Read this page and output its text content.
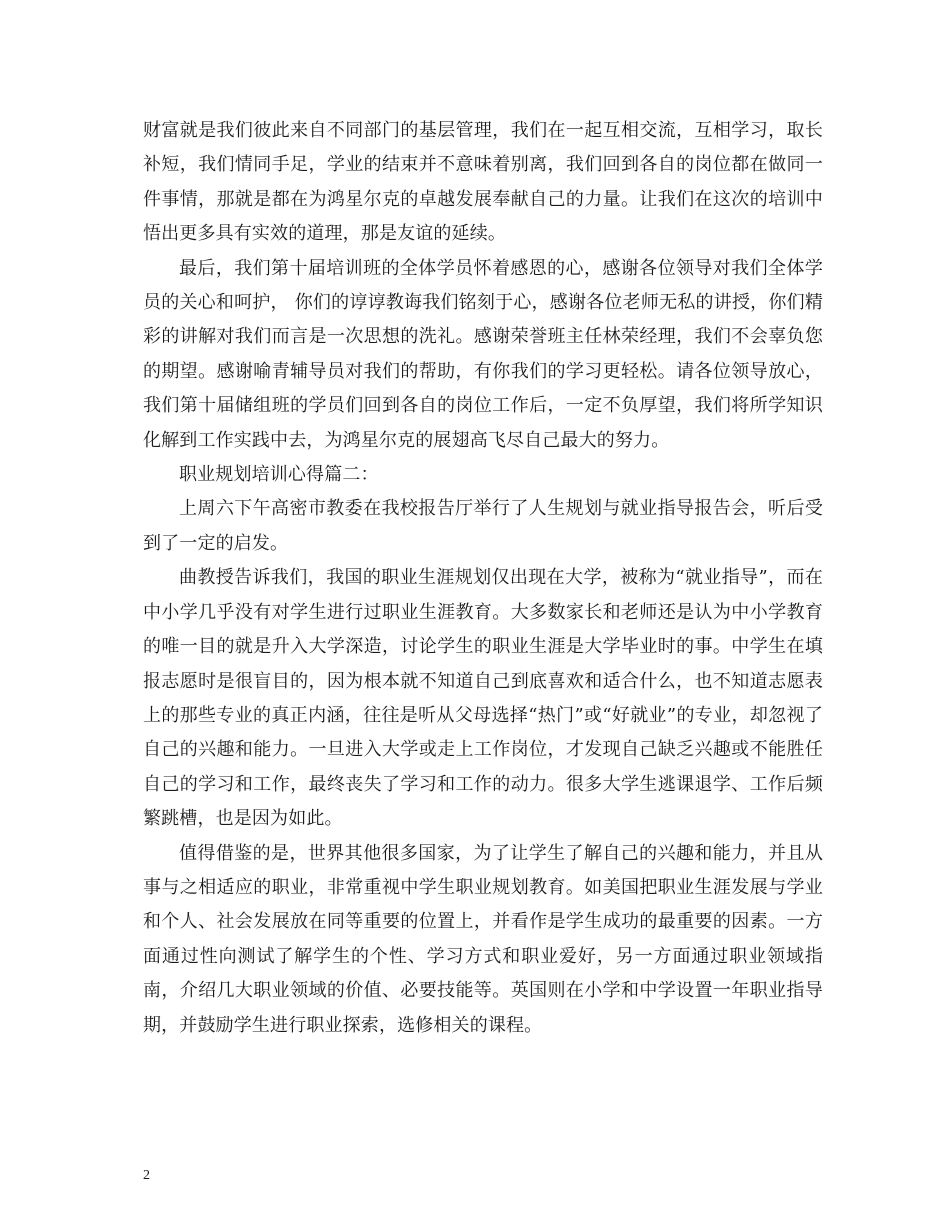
财富就是我们彼此来自不同部门的基层管理，我们在一起互相交流，互相学习，取长补短，我们情同手足，学业的结束并不意味着别离，我们回到各自的岗位都在做同一件事情，那就是都在为鸿星尔克的卓越发展奉献自己的力量。让我们在这次的培训中悟出更多具有实效的道理，那是友谊的延续。

最后，我们第十届培训班的全体学员怀着感恩的心，感谢各位领导对我们全体学员的关心和呵护， 你们的谆谆教诲我们铭刻于心，感谢各位老师无私的讲授，你们精彩的讲解对我们而言是一次思想的洗礼。感谢荣誉班主任林荣经理，我们不会辜负您的期望。感谢喻青辅导员对我们的帮助，有你我们的学习更轻松。请各位领导放心，我们第十届储组班的学员们回到各自的岗位工作后，一定不负厚望，我们将所学知识化解到工作实践中去，为鸿星尔克的展翅高飞尽自己最大的努力。

职业规划培训心得篇二：

上周六下午高密市教委在我校报告厅举行了人生规划与就业指导报告会，听后受到了一定的启发。

曲教授告诉我们，我国的职业生涯规划仅出现在大学，被称为“就业指导”，而在中小学几乎没有对学生进行过职业生涯教育。大多数家长和老师还是认为中小学教育的唯一目的就是升入大学深造，讨论学生的职业生涯是大学毕业时的事。中学生在填报志愿时是很盲目的，因为根本就不知道自己到底喜欢和适合什么，也不知道志愿表上的那些专业的真正内涵，往往是听从父母选择“热门”或“好就业”的专业，却忽视了自己的兴趣和能力。一旦进入大学或走上工作岗位，才发现自己缺乏兴趣或不能胜任自己的学习和工作，最终丧失了学习和工作的动力。很多大学生逃课退学、工作后频繁跳槽，也是因为如此。

值得借鉴的是，世界其他很多国家，为了让学生了解自己的兴趣和能力，并且从事与之相适应的职业，非常重视中学生职业规划教育。如美国把职业生涯发展与学业和个人、社会发展放在同等重要的位置上，并看作是学生成功的最重要的因素。一方面通过性向测试了解学生的个性、学习方式和职业爱好，另一方面通过职业领域指南，介绍几大职业领域的价值、必要技能等。英国则在小学和中学设置一年职业指导期，并鼓励学生进行职业探索，选修相关的课程。

2
